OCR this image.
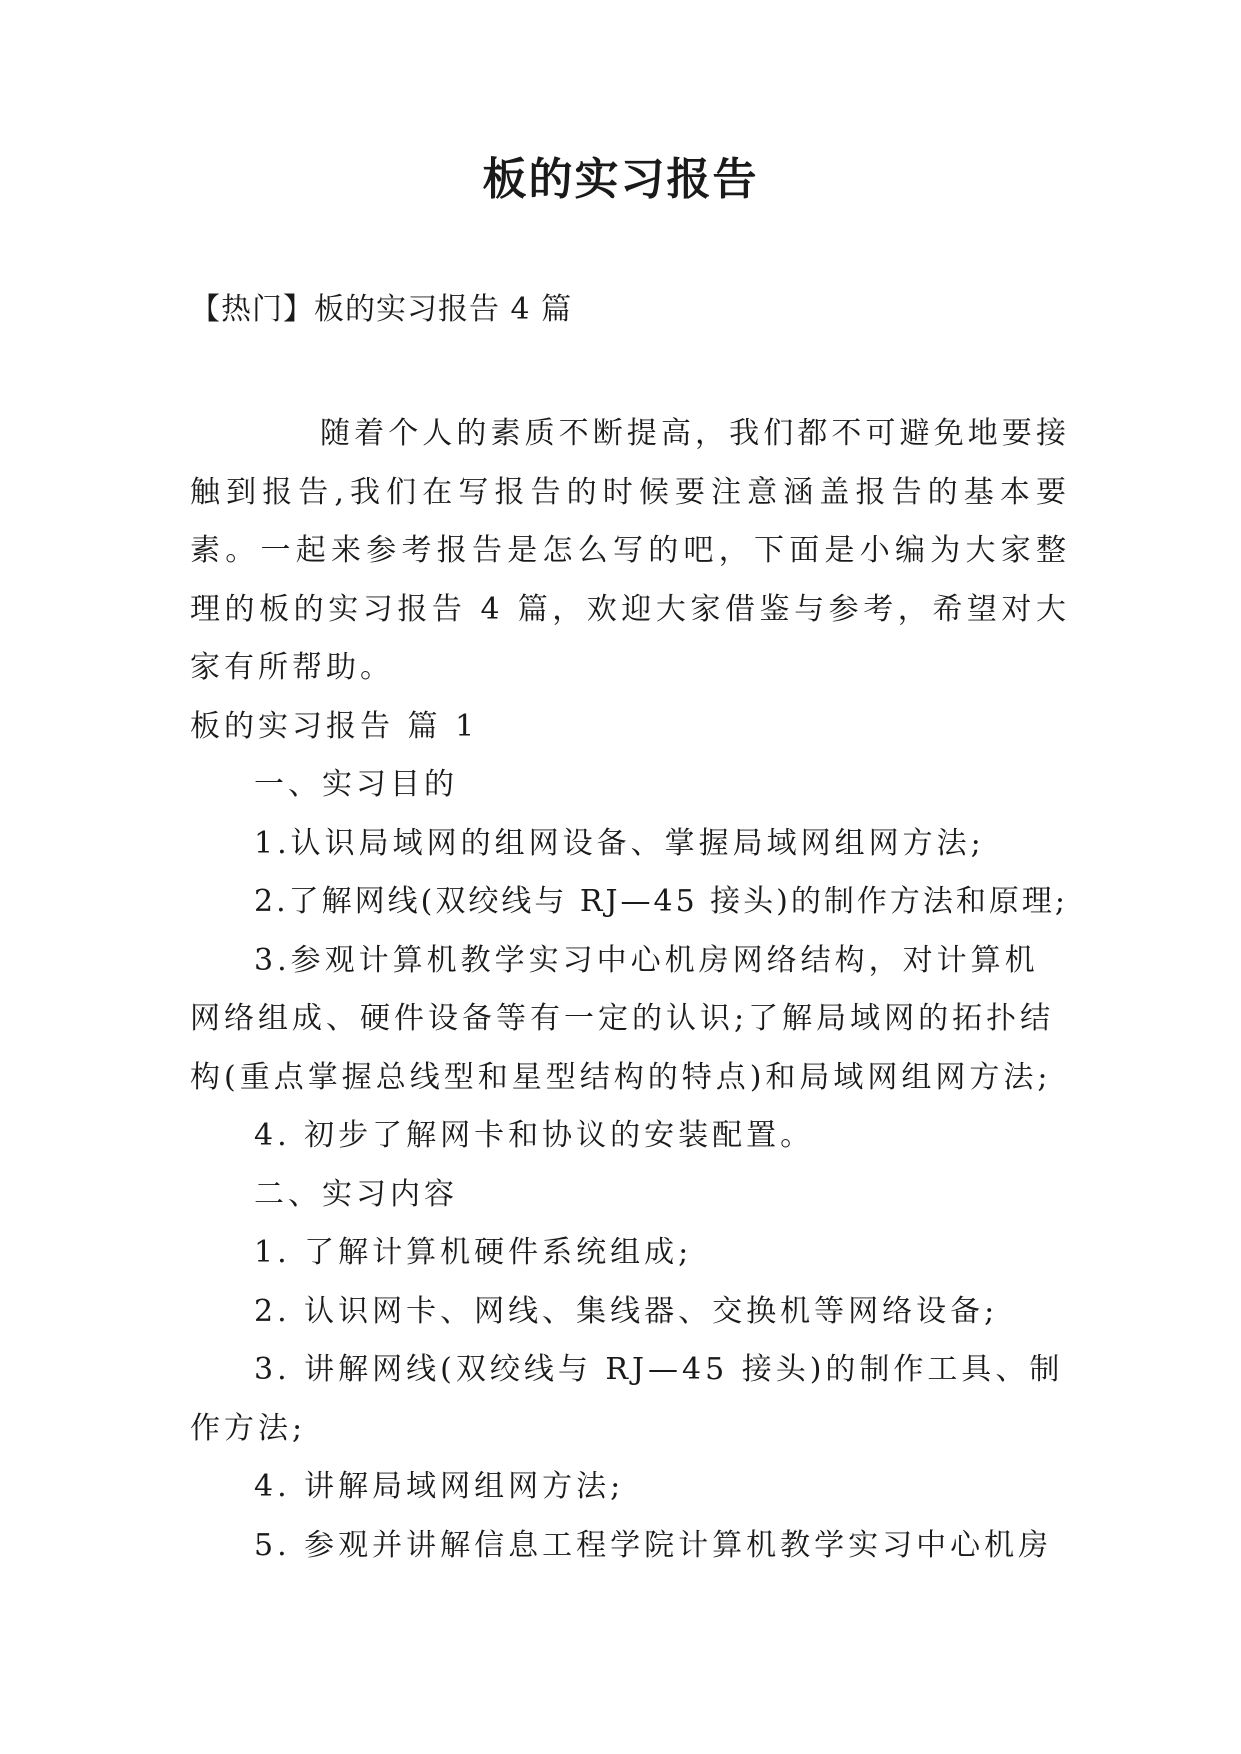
板的实习报告
【热门】板的实习报告 4 篇

随着个人的素质不断提高，我们都不可避免地要接触到报告,我们在写报告的时候要注意涵盖报告的基本要素。一起来参考报告是怎么写的吧，下面是小编为大家整理的板的实习报告 4 篇，欢迎大家借鉴与参考，希望对大家有所帮助。

板的实习报告 篇 1

一、实习目的

1.认识局域网的组网设备、掌握局域网组网方法;

2.了解网线(双绞线与 RJ—45 接头)的制作方法和原理;

3.参观计算机教学实习中心机房网络结构，对计算机网络组成、硬件设备等有一定的认识;了解局域网的拓扑结构(重点掌握总线型和星型结构的特点)和局域网组网方法;

4. 初步了解网卡和协议的安装配置。

二、实习内容

1. 了解计算机硬件系统组成;

2. 认识网卡、网线、集线器、交换机等网络设备;

3. 讲解网线(双绞线与 RJ—45 接头)的制作工具、制作方法;

4. 讲解局域网组网方法;

5. 参观并讲解信息工程学院计算机教学实习中心机房
